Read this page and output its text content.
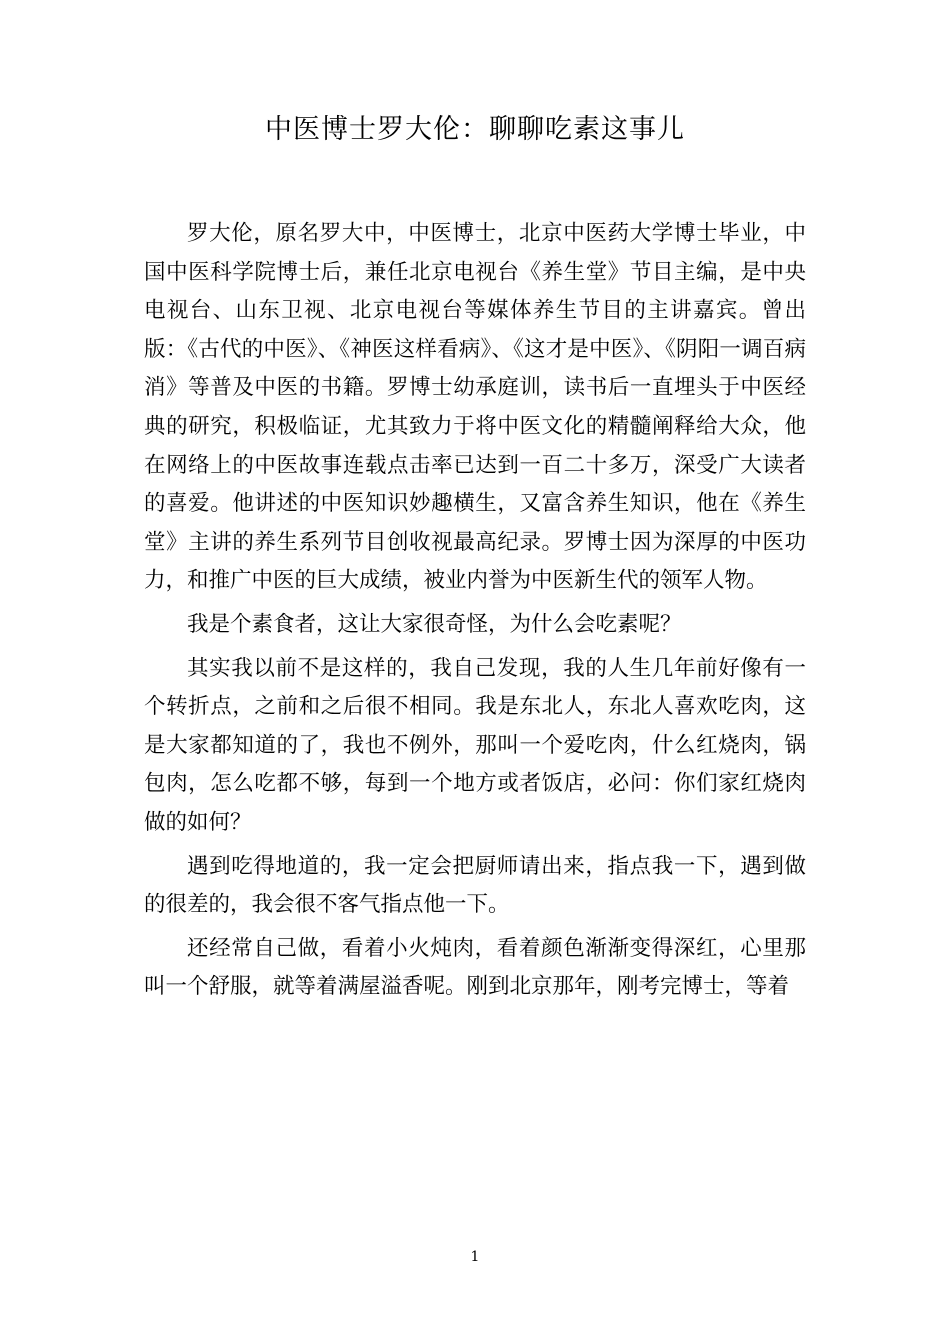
中医博士罗大伦：聊聊吃素这事儿

罗大伦，原名罗大中，中医博士，北京中医药大学博士毕业，中国中医科学院博士后，兼任北京电视台《养生堂》节目主编，是中央电视台、山东卫视、北京电视台等媒体养生节目的主讲嘉宾。曾出版：《古代的中医》、《神医这样看病》、《这才是中医》、《阴阳一调百病消》等普及中医的书籍。罗博士幼承庭训，读书后一直埋头于中医经典的研究，积极临证，尤其致力于将中医文化的精髓阐释给大众，他在网络上的中医故事连载点击率已达到一百二十多万，深受广大读者的喜爱。他讲述的中医知识妙趣横生，又富含养生知识，他在《养生堂》主讲的养生系列节目创收视最高纪录。罗博士因为深厚的中医功力，和推广中医的巨大成绩，被业内誉为中医新生代的领军人物。

我是个素食者，这让大家很奇怪，为什么会吃素呢？

其实我以前不是这样的，我自己发现，我的人生几年前好像有一个转折点，之前和之后很不相同。我是东北人，东北人喜欢吃肉，这是大家都知道的了，我也不例外，那叫一个爱吃肉，什么红烧肉，锅包肉，怎么吃都不够，每到一个地方或者饭店，必问：你们家红烧肉做的如何？

遇到吃得地道的，我一定会把厨师请出来，指点我一下，遇到做的很差的，我会很不客气指点他一下。

还经常自己做，看着小火炖肉，看着颜色渐渐变得深红，心里那叫一个舒服，就等着满屋溢香呢。刚到北京那年，刚考完博士，等着

1
